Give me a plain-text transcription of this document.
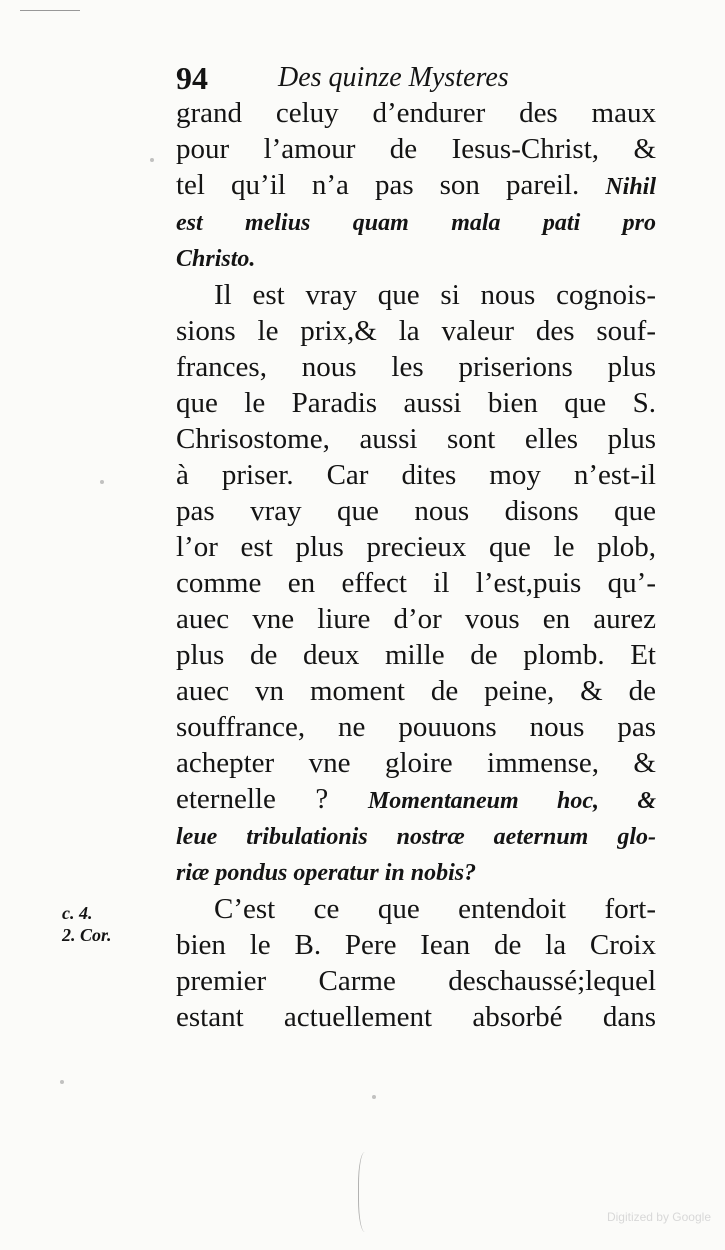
94	Des quinze Mysteres
grand celuy d’endurer des maux
pour l’amour de Iesus-Christ, &
tel qu’il n’a pas son pareil. Nihil
est melius quam mala pati pro
Christo.
Il est vray que si nous cognois-
sions le prix,& la valeur des souf-
frances, nous les priserions plus
que le Paradis aussi bien que S.
Chrisostome, aussi sont elles plus
à priser. Car dites moy n’est-il
pas vray que nous disons que
l’or est plus precieux que le plob,
comme en effect il l’est,puis qu’-
auec vne liure d’or vous en aurez
plus de deux mille de plomb. Et
auec vn moment de peine, & de
souffrance, ne pouuons nous pas
achepter vne gloire immense, &
eternelle ? Momentaneum hoc, &
leue tribulationis nostræ aeternum glo-
riæ pondus operatur in nobis?
C’est ce que entendoit fort-
bien le B. Pere Iean de la Croix
premier Carme deschaussé;lequel
estant actuellement absorbé dans
c. 4.
2. Cor.
Digitized by Google
